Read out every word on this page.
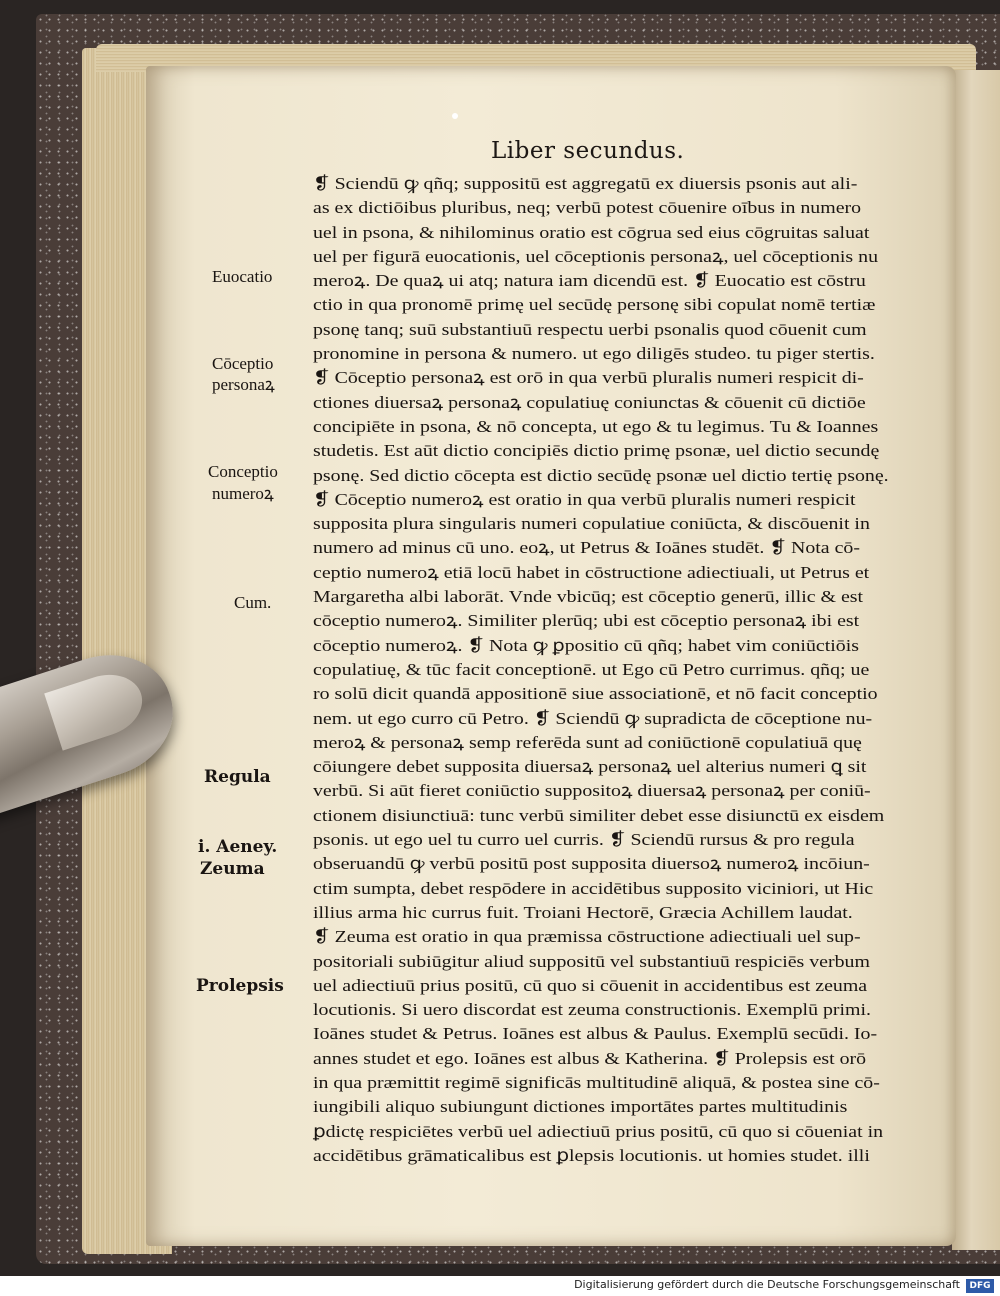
Liber secundus.
❡ Sciendū ꝙ qñq; suppositū est aggregatū ex diuersis psonis aut ali-
as ex dictiōibus pluribus, neq; verbū potest cōuenire oībus in numero
uel in psona, & nihilominus oratio est cōgrua sed eius cōgruitas saluat
uel per figurā euocationis, uel cōceptionis personaꝝ, uel cōceptionis nu
meroꝝ. De quaꝝ ui atq; natura iam dicendū est. ❡ Euocatio est cōstru
ctio in qua pronomē primę uel secūdę personę sibi copulat nomē tertiæ
psonę tanq; suū substantiuū respectu uerbi psonalis quod cōuenit cum
pronomine in persona & numero. ut ego diligēs studeo. tu piger stertis.
❡ Cōceptio personaꝝ est orō in qua verbū pluralis numeri respicit di-
ctiones diuersaꝝ personaꝝ copulatiuę coniunctas & cōuenit cū dictiōe
concipiēte in psona, & nō concepta, ut ego & tu legimus. Tu & Ioannes
studetis. Est aūt dictio concipiēs dictio primę psonæ, uel dictio secundę
psonę. Sed dictio cōcepta est dictio secūdę psonæ uel dictio tertię psonę.
❡ Cōceptio numeroꝝ est oratio in qua verbū pluralis numeri respicit
supposita plura singularis numeri copulatiue coniūcta, & discōuenit in
numero ad minus cū uno. eoꝝ, ut Petrus & Ioānes studēt. ❡ Nota cō-
ceptio numeroꝝ etiā locū habet in cōstructione adiectiuali, ut Petrus et
Margaretha albi laborāt. Vnde vbicūq; est cōceptio generū, illic & est
cōceptio numeroꝝ. Similiter plerūq; ubi est cōceptio personaꝝ ibi est
cōceptio numeroꝝ. ❡ Nota ꝙ ꝑpositio cū qñq; habet vim coniūctiōis
copulatiuę, & tūc facit conceptionē. ut Ego cū Petro currimus. qñq; ue
ro solū dicit quandā appositionē siue associationē, et nō facit conceptio
nem. ut ego curro cū Petro. ❡ Sciendū ꝙ supradicta de cōceptione nu-
meroꝝ & personaꝝ semp referēda sunt ad coniūctionē copulatiuā quę
cōiungere debet supposita diuersaꝝ personaꝝ uel alterius numeri ꝗ sit
verbū. Si aūt fieret coniūctio suppositoꝝ diuersaꝝ personaꝝ per coniū-
ctionem disiunctiuā: tunc verbū similiter debet esse disiunctū ex eisdem
psonis. ut ego uel tu curro uel curris. ❡ Sciendū rursus & pro regula
obseruandū ꝙ verbū positū post supposita diuersoꝝ numeroꝝ incōiun-
ctim sumpta, debet respōdere in accidētibus supposito viciniori, ut Hic
illius arma hic currus fuit. Troiani Hectorē, Græcia Achillem laudat.
❡ Zeuma est oratio in qua præmissa cōstructione adiectiuali uel sup-
positoriali subiūgitur aliud suppositū vel substantiuū respiciēs verbum
uel adiectiuū prius positū, cū quo si cōuenit in accidentibus est zeuma
locutionis. Si uero discordat est zeuma constructionis. Exemplū primi.
Ioānes studet & Petrus. Ioānes est albus & Paulus. Exemplū secūdi. Io-
annes studet et ego. Ioānes est albus & Katherina. ❡ Prolepsis est orō
in qua præmittit regimē significās multitudinē aliquā, & postea sine cō-
iungibili aliquo subiungunt dictiones importātes partes multitudinis
ꝑdictę respiciētes verbū uel adiectiuū prius positū, cū quo si cōueniat in
accidētibus grāmaticalibus est ꝑlepsis locutionis. ut homies studet. illi
Euocatio
Cōceptio
personaꝝ
Conceptio
numeroꝝ
Cum.
Regula
i. Aeney.
Zeuma
Prolepsis
Digitalisierung gefördert durch die Deutsche Forschungsgemeinschaft	DFG
